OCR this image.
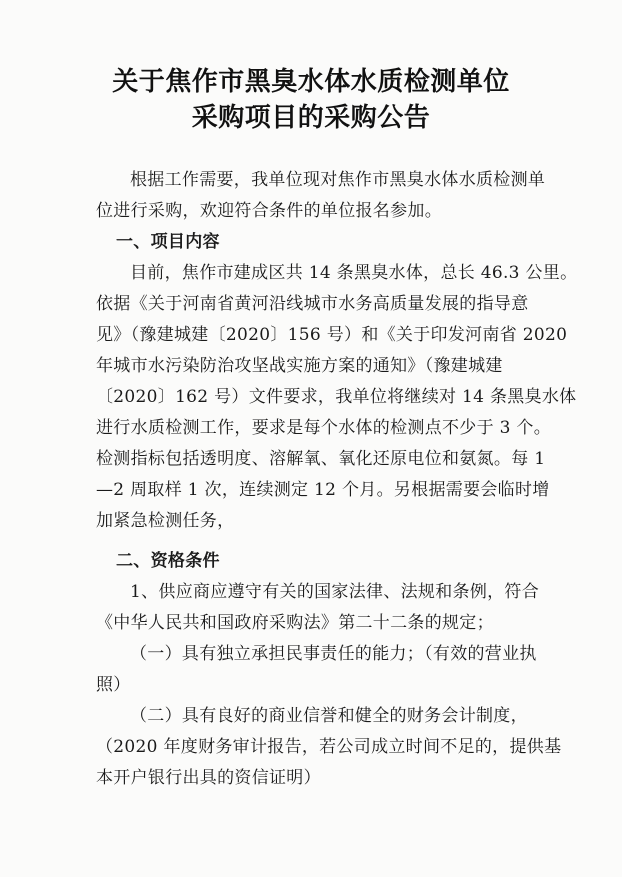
关于焦作市黑臭水体水质检测单位
采购项目的采购公告
根据工作需要，我单位现对焦作市黑臭水体水质检测单
位进行采购，欢迎符合条件的单位报名参加。
一、项目内容
目前，焦作市建成区共 14 条黑臭水体，总长 46.3 公里。
依据《关于河南省黄河沿线城市水务高质量发展的指导意
见》（豫建城建〔2020〕156 号）和《关于印发河南省 2020
年城市水污染防治攻坚战实施方案的通知》（豫建城建
〔2020〕162 号）文件要求，我单位将继续对 14 条黑臭水体
进行水质检测工作，要求是每个水体的检测点不少于 3 个。
检测指标包括透明度、溶解氧、氧化还原电位和氨氮。每 1
—2 周取样 1 次，连续测定 12 个月。另根据需要会临时增
加紧急检测任务，
二、资格条件
1、供应商应遵守有关的国家法律、法规和条例，符合
《中华人民共和国政府采购法》第二十二条的规定；
（一）具有独立承担民事责任的能力；（有效的营业执
照）
（二）具有良好的商业信誉和健全的财务会计制度，
（2020 年度财务审计报告，若公司成立时间不足的，提供基
本开户银行出具的资信证明）
